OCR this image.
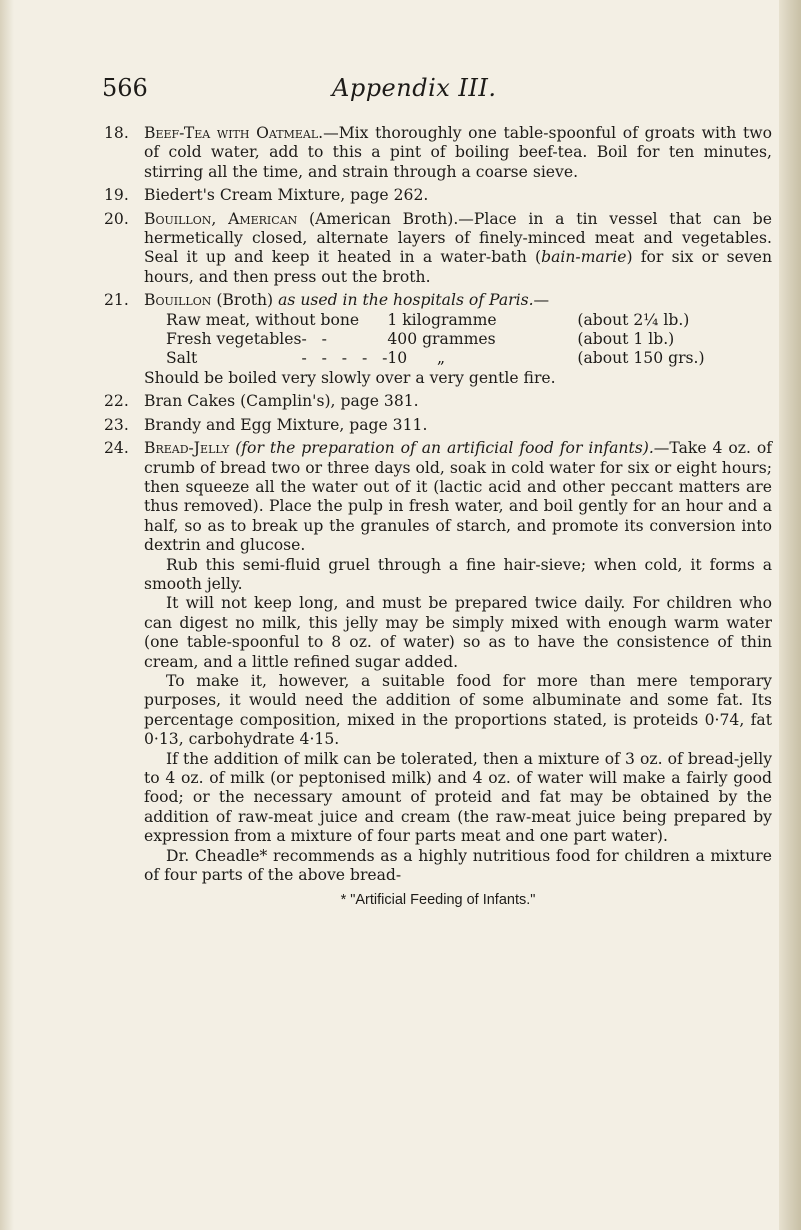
566	Appendix III.
18. Beef-Tea with Oatmeal.—Mix thoroughly one table-spoonful of groats with two of cold water, add to this a pint of boiling beef-tea. Boil for ten minutes, stirring all the time, and strain through a coarse sieve.

19. Biedert's Cream Mixture, page 262.

20. Bouillon, American (American Broth).—Place in a tin vessel that can be hermetically closed, alternate layers of finely-minced meat and vegetables. Seal it up and keep it heated in a water-bath (bain-marie) for six or seven hours, and then press out the broth.

21. Bouillon (Broth) as used in the hospitals of Paris.—

Raw meat, without bone		1 kilogramme	(about 2¼ lb.)
Fresh vegetables	-   -	400 grammes	(about 1 lb.)
Salt	-   -   -   -   -	10      „	(about 150 grs.)

Should be boiled very slowly over a very gentle fire.

22. Bran Cakes (Camplin's), page 381.

23. Brandy and Egg Mixture, page 311.

24. Bread-Jelly (for the preparation of an artificial food for infants).—Take 4 oz. of crumb of bread two or three days old, soak in cold water for six or eight hours; then squeeze all the water out of it (lactic acid and other peccant matters are thus removed). Place the pulp in fresh water, and boil gently for an hour and a half, so as to break up the granules of starch, and promote its conversion into dextrin and glucose.

Rub this semi-fluid gruel through a fine hair-sieve; when cold, it forms a smooth jelly.

It will not keep long, and must be prepared twice daily. For children who can digest no milk, this jelly may be simply mixed with enough warm water (one table-spoonful to 8 oz. of water) so as to have the consistence of thin cream, and a little refined sugar added.

To make it, however, a suitable food for more than mere temporary purposes, it would need the addition of some albuminate and some fat. Its percentage composition, mixed in the proportions stated, is proteids 0·74, fat 0·13, carbohydrate 4·15.

If the addition of milk can be tolerated, then a mixture of 3 oz. of bread-jelly to 4 oz. of milk (or peptonised milk) and 4 oz. of water will make a fairly good food; or the necessary amount of proteid and fat may be obtained by the addition of raw-meat juice and cream (the raw-meat juice being prepared by expression from a mixture of four parts meat and one part water).

Dr. Cheadle* recommends as a highly nutritious food for children a mixture of four parts of the above bread-

* "Artificial Feeding of Infants."
